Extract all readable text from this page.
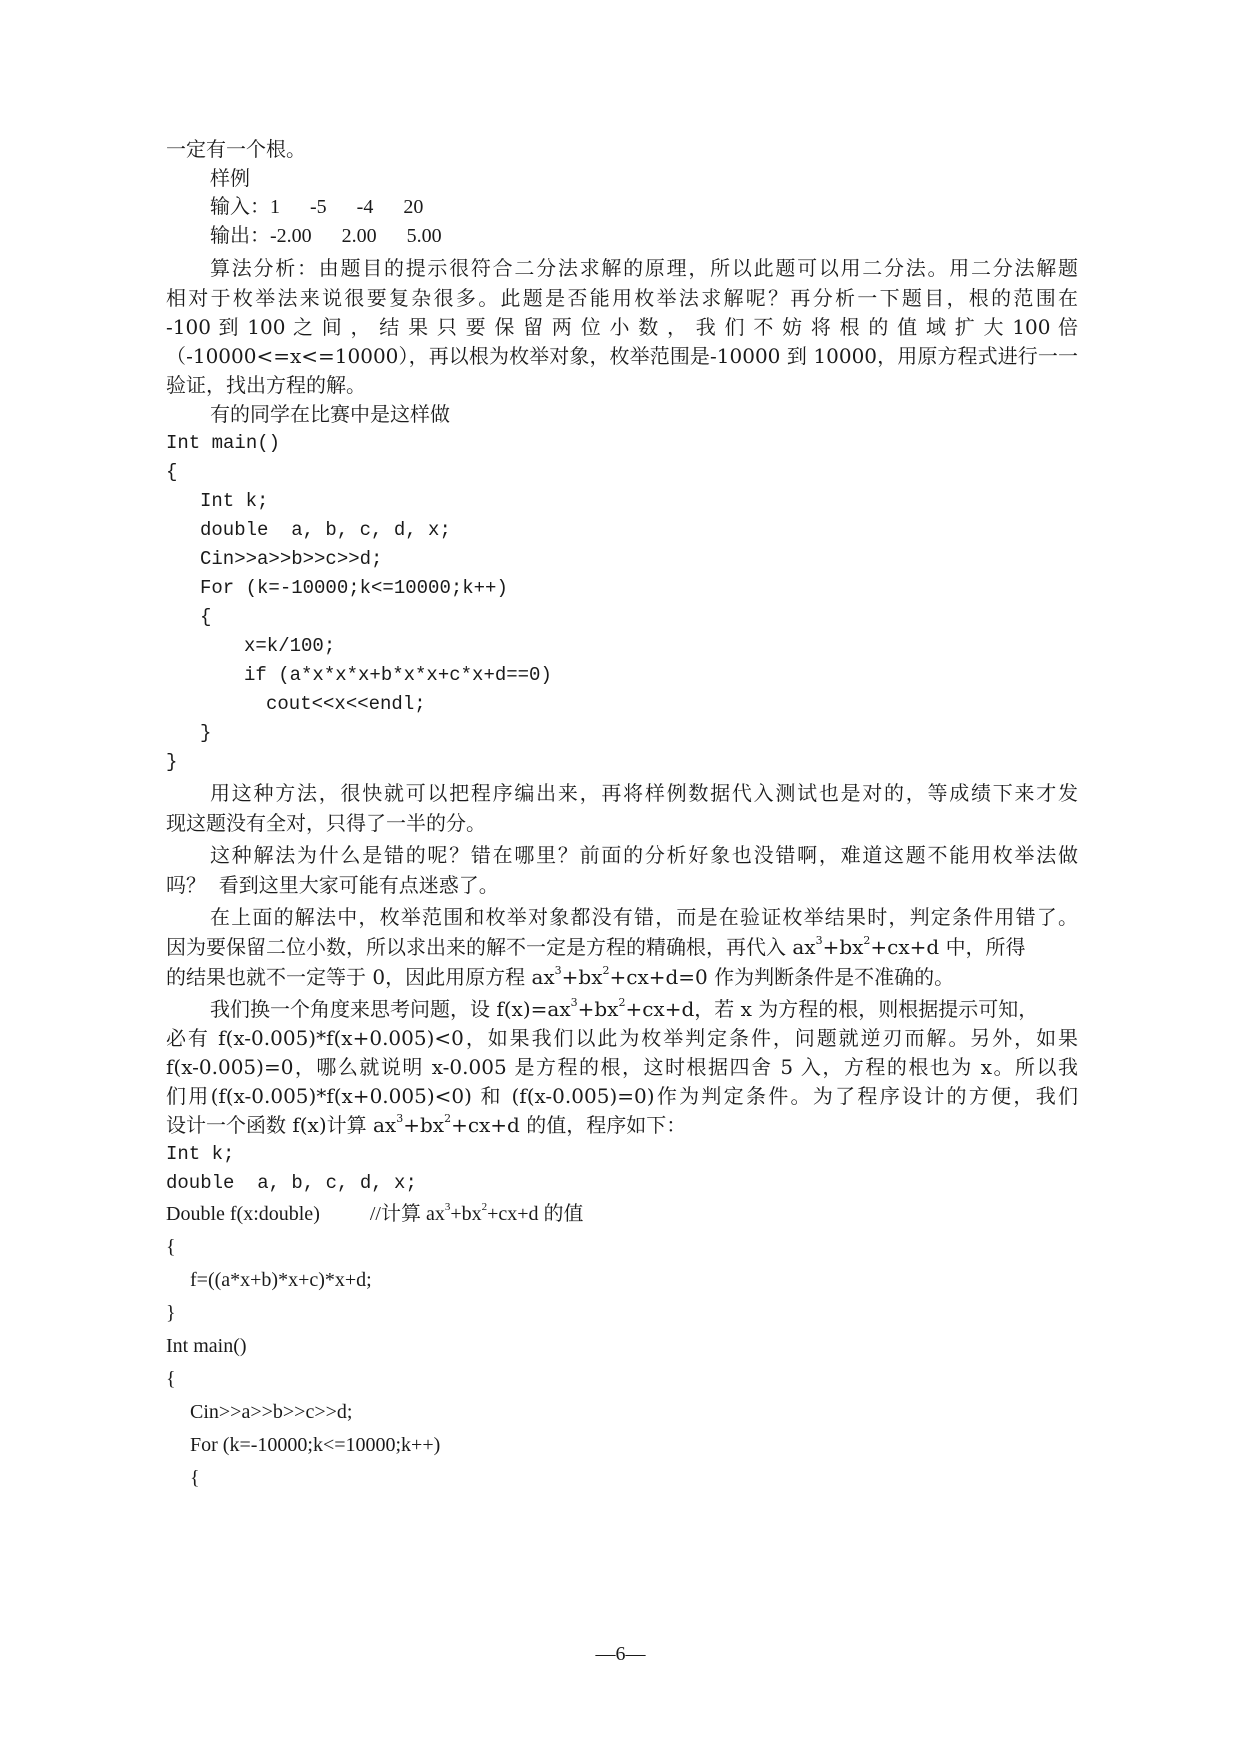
一定有一个根。
样例
输入：1      -5      -4      20
输出：-2.00      2.00      5.00
算法分析：由题目的提示很符合二分法求解的原理，所以此题可以用二分法。用二分法解题
相对于枚举法来说很要复杂很多。此题是否能用枚举法求解呢？再分析一下题目，根的范围在
-100 到 100 之 间 ， 结 果 只 要 保 留 两 位 小 数 ， 我 们 不 妨 将 根 的 值 域 扩 大 100 倍
（-10000<=x<=10000），再以根为枚举对象，枚举范围是-10000 到 10000，用原方程式进行一一
验证，找出方程的解。
有的同学在比赛中是这样做
Int main()
{
Int k;
double  a, b, c, d, x;
Cin>>a>>b>>c>>d;
For (k=-10000;k<=10000;k++)
{
x=k/100;
if (a*x*x*x+b*x*x+c*x+d==0)
cout<<x<<endl;
}
}
用这种方法，很快就可以把程序编出来，再将样例数据代入测试也是对的，等成绩下来才发
现这题没有全对，只得了一半的分。
这种解法为什么是错的呢？错在哪里？前面的分析好象也没错啊，难道这题不能用枚举法做
吗？  看到这里大家可能有点迷惑了。
在上面的解法中，枚举范围和枚举对象都没有错，而是在验证枚举结果时，判定条件用错了。
因为要保留二位小数，所以求出来的解不一定是方程的精确根，再代入 $ax^3+bx^2+cx+d$ 中，所得
的结果也就不一定等于 0，因此用原方程 $ax^3+bx^2+cx+d=0$ 作为判断条件是不准确的。
我们换一个角度来思考问题，设 $f(x)=ax^3+bx^2+cx+d$，若 x 为方程的根，则根据提示可知，
必有 f(x-0.005)*f(x+0.005)<0，如果我们以此为枚举判定条件，问题就逆刃而解。另外，如果
f(x-0.005)=0，哪么就说明 x-0.005 是方程的根，这时根据四舍 5 入，方程的根也为 x。所以我
们用(f(x-0.005)*f(x+0.005)<0) 和 (f(x-0.005)=0)作为判定条件。为了程序设计的方便，我们
设计一个函数 f(x)计算 $ax^3+bx^2+cx+d$ 的值，程序如下：
Int k;
double  a, b, c, d, x;
Double f(x:double)          //计算 $ax^3+bx^2+cx+d$ 的值
{
f=((a*x+b)*x+c)*x+d;
}
Int main()
{
Cin>>a>>b>>c>>d;
For (k=-10000;k<=10000;k++)
{
—6—
